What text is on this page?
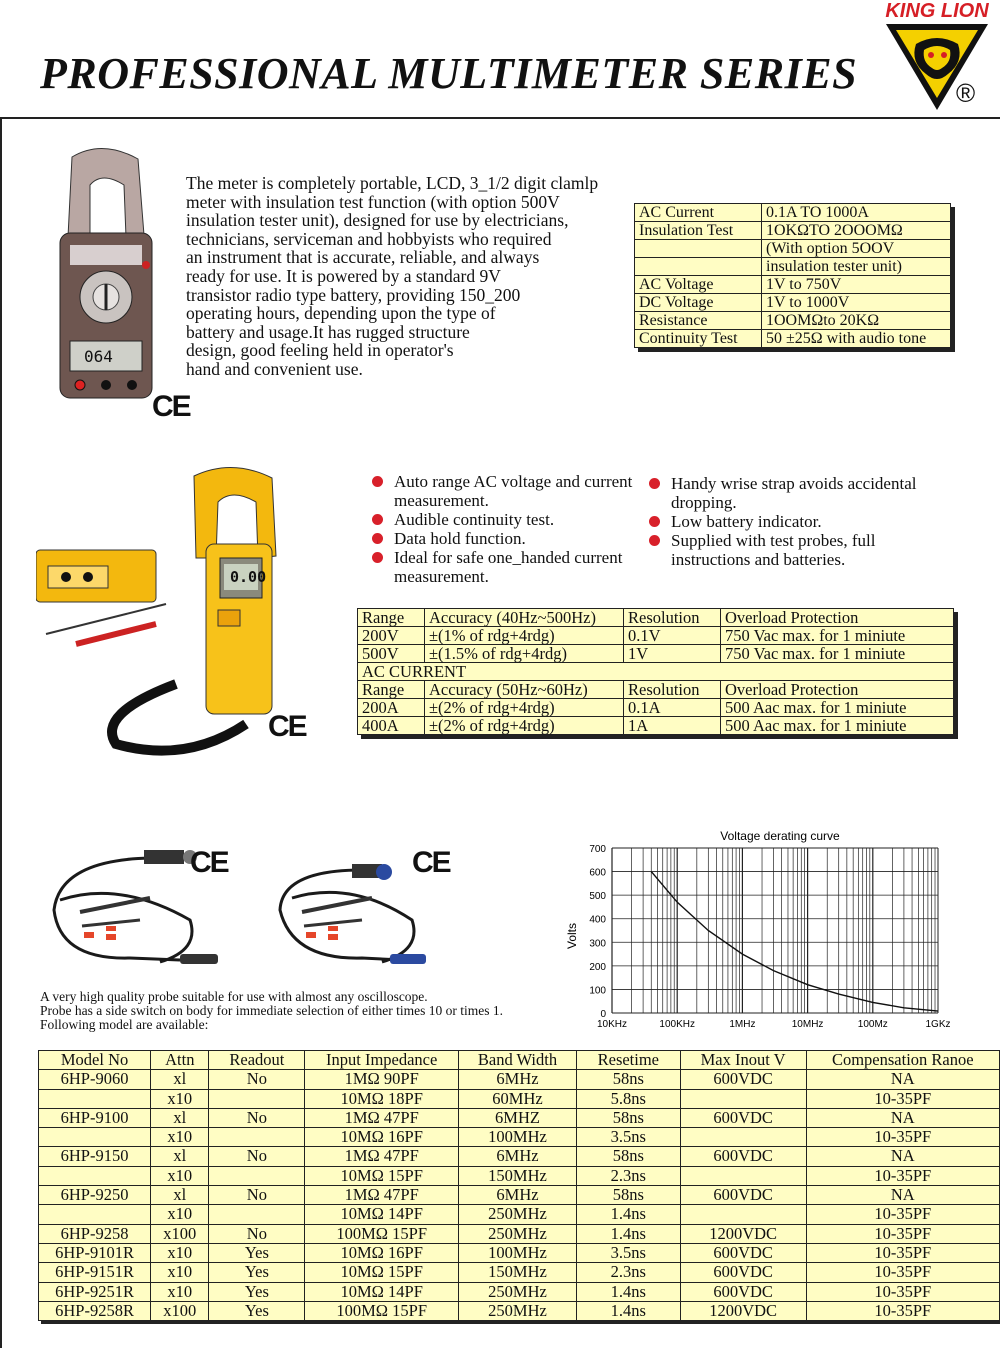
PROFESSIONAL MULTIMETER SERIES
KING LION
®
064
CE
The meter is completely portable, LCD, 3_1/2 digit clamlp
meter with insulation test function (with option 500V
insulation tester unit), designed for use by electricians,
technicians, serviceman and hobbyists who required
an instrument that is accurate, reliable, and always
ready for use. It is powered by a standard 9V
transistor radio type battery, providing 150_200
operating hours, depending upon the type of
battery and usage.It has rugged structure
design, good feeling held in operator's
hand and convenient use.
AC Current	0.1A TO 1000A
Insulation Test	1OKΩTO 2OOOMΩ
	(With option 5OOV
	insulation tester unit)
AC Voltage	1V to 750V
DC Voltage	1V to 1000V
Resistance	1OOMΩto 20KΩ
Continuity Test	50 ±25Ω with audio tone
0.00
CE
Auto range AC voltage and current measurement.
Audible continuity test.
Data hold function.
Ideal for safe one_handed current measurement.
Handy wrise strap avoids accidental dropping.
Low battery indicator.
Supplied with test probes, full instructions and batteries.
Range	Accuracy (40Hz~500Hz)	Resolution	Overload Protection
200V	±(1% of rdg+4rdg)	0.1V	750 Vac max. for 1 miniute
500V	±(1.5% of rdg+4rdg)	1V	750 Vac max. for 1 miniute
AC CURRENT			
Range	Accuracy (50Hz~60Hz)	Resolution	Overload Protection
200A	±(2% of rdg+4rdg)	0.1A	500 Aac max. for 1 miniute
400A	±(2% of rdg+4rdg)	1A	500 Aac max. for 1 miniute
CE	CE
A very high quality probe suitable for use with almost any oscilloscope.
Probe has a side switch on body for immediate selection of either times 10 or times 1.
Following model are available:
Voltage derating curve
Volts
0
100
200
300
400
500
600
700
10KHz	100KHz	1MHz	10MHz	100Mz	1GKz
Model No	Attn	Readout	Input Impedance	Band Width	Resetime	Max Inout V	Compensation Ranoe
6HP-9060	xl	No	1MΩ 90PF	6MHz	58ns	600VDC	NA
	x10		10MΩ 18PF	60MHz	5.8ns		10-35PF
6HP-9100	xl	No	1MΩ 47PF	6MHZ	58ns	600VDC	NA
	x10		10MΩ 16PF	100MHz	3.5ns		10-35PF
6HP-9150	xl	No	1MΩ 47PF	6MHz	58ns	600VDC	NA
	x10		10MΩ 15PF	150MHz	2.3ns		10-35PF
6HP-9250	xl	No	1MΩ 47PF	6MHz	58ns	600VDC	NA
	x10		10MΩ 14PF	250MHz	1.4ns		10-35PF
6HP-9258	x100	No	100MΩ 15PF	250MHz	1.4ns	1200VDC	10-35PF
6HP-9101R	x10	Yes	10MΩ 16PF	100MHz	3.5ns	600VDC	10-35PF
6HP-9151R	x10	Yes	10MΩ 15PF	150MHz	2.3ns	600VDC	10-35PF
6HP-9251R	x10	Yes	10MΩ 14PF	250MHz	1.4ns	600VDC	10-35PF
6HP-9258R	x100	Yes	100MΩ 15PF	250MHz	1.4ns	1200VDC	10-35PF
